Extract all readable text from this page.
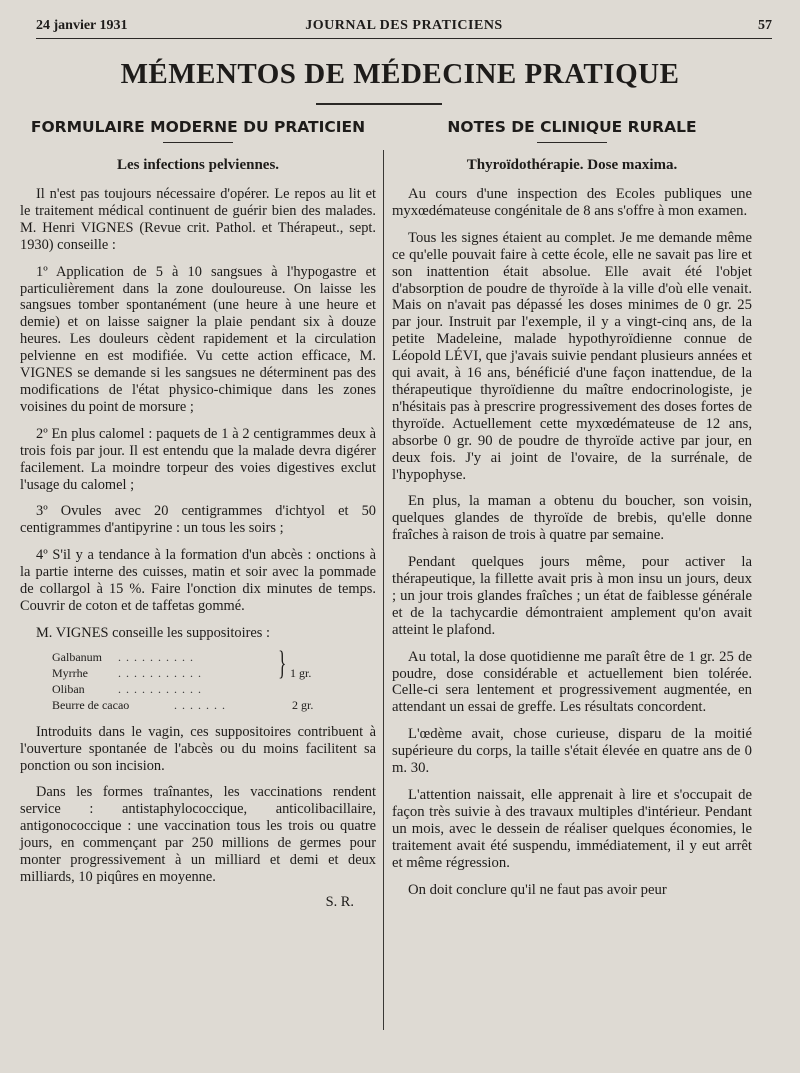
24 janvier 1931	JOURNAL DES PRATICIENS	57
MÉMENTOS DE MÉDECINE PRATIQUE
FORMULAIRE MODERNE DU PRATICIEN
Les infections pelviennes.

Il n'est pas toujours nécessaire d'opérer. Le repos au lit et le traitement médical continuent de guérir bien des malades. M. Henri VIGNES (Revue crit. Pathol. et Thérapeut., sept. 1930) conseille :

1º Application de 5 à 10 sangsues à l'hypogastre et particulièrement dans la zone douloureuse. On laisse les sangsues tomber spontanément (une heure à une heure et demie) et on laisse saigner la plaie pendant six à douze heures. Les douleurs cèdent rapidement et la circulation pelvienne en est modifiée. Vu cette action efficace, M. VIGNES se demande si les sangsues ne déterminent pas des modifications de l'état physico-chimique dans les zones voisines du point de morsure ;

2º En plus calomel : paquets de 1 à 2 centigrammes deux à trois fois par jour. Il est entendu que la malade devra digérer facilement. La moindre torpeur des voies digestives exclut l'usage du calomel ;

3º Ovules avec 20 centigrammes d'ichtyol et 50 centigrammes d'antipyrine : un tous les soirs ;

4º S'il y a tendance à la formation d'un abcès : onctions à la partie interne des cuisses, matin et soir avec la pommade de collargol à 15 %. Faire l'onction dix minutes de temps. Couvrir de coton et de taffetas gommé.

M. VIGNES conseille les suppositoires :

Galbanum ..........
Myrrhe	........... } 1 gr.
Oliban	...........
Beurre de cacao	.......	2 gr.

Introduits dans le vagin, ces suppositoires contribuent à l'ouverture spontanée de l'abcès ou du moins facilitent sa ponction ou son incision.

Dans les formes traînantes, les vaccinations rendent service : antistaphylococcique, anticolibacillaire, antigonococcique : une vaccination tous les trois ou quatre jours, en commençant par 250 millions de germes pour monter progressivement à un milliard et demi et deux milliards, 10 piqûres en moyenne.

S. R.
NOTES DE CLINIQUE RURALE
Thyroïdothérapie. Dose maxima.

Au cours d'une inspection des Ecoles publiques une myxœdémateuse congénitale de 8 ans s'offre à mon examen.

Tous les signes étaient au complet. Je me demande même ce qu'elle pouvait faire à cette école, elle ne savait pas lire et son inattention était absolue. Elle avait été l'objet d'absorption de poudre de thyroïde à la ville d'où elle venait. Mais on n'avait pas dépassé les doses minimes de 0 gr. 25 par jour. Instruit par l'exemple, il y a vingt-cinq ans, de la petite Madeleine, malade hypothyroïdienne connue de Léopold LÉVI, que j'avais suivie pendant plusieurs années et qui avait, à 16 ans, bénéficié d'une façon inattendue, de la thérapeutique thyroïdienne du maître endocrinologiste, je n'hésitais pas à prescrire progressivement des doses fortes de thyroïde. Actuellement cette myxœdémateuse de 12 ans, absorbe 0 gr. 90 de poudre de thyroïde active par jour, en deux fois. J'y ai joint de l'ovaire, de la surrénale, de l'hypophyse.

En plus, la maman a obtenu du boucher, son voisin, quelques glandes de thyroïde de brebis, qu'elle donne fraîches à raison de trois à quatre par semaine.

Pendant quelques jours même, pour activer la thérapeutique, la fillette avait pris à mon insu un jours, deux ; un jour trois glandes fraîches ; un état de faiblesse générale et de la tachycardie démontraient amplement qu'on avait atteint le plafond.

Au total, la dose quotidienne me paraît être de 1 gr. 25 de poudre, dose considérable et actuellement bien tolérée. Celle-ci sera lentement et progressivement augmentée, en attendant un essai de greffe. Les résultats concordent.

L'œdème avait, chose curieuse, disparu de la moitié supérieure du corps, la taille s'était élevée en quatre ans de 0 m. 30.

L'attention naissait, elle apprenait à lire et s'occupait de façon très suivie à des travaux multiples d'intérieur. Pendant un mois, avec le dessein de réaliser quelques économies, le traitement avait été suspendu, immédiatement, il y eut arrêt et même régression.

On doit conclure qu'il ne faut pas avoir peur
